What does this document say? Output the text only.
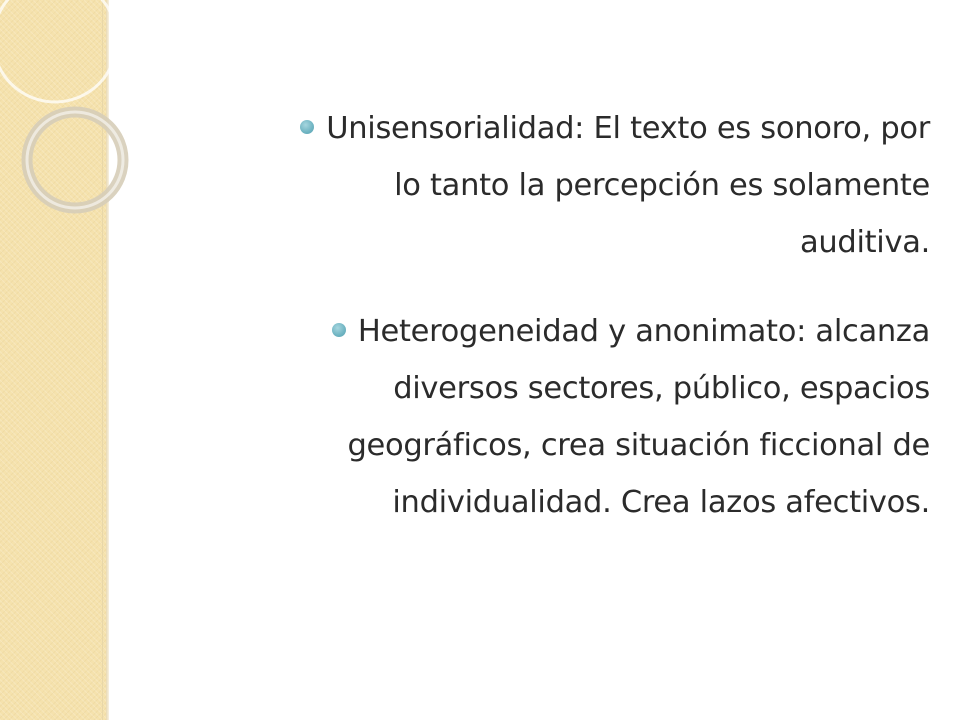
Unisensorialidad: El texto es sonoro, por
lo tanto la percepción es solamente
auditiva.
Heterogeneidad y anonimato: alcanza
diversos sectores, público, espacios
geográficos, crea situación ficcional de
individualidad. Crea lazos afectivos.
